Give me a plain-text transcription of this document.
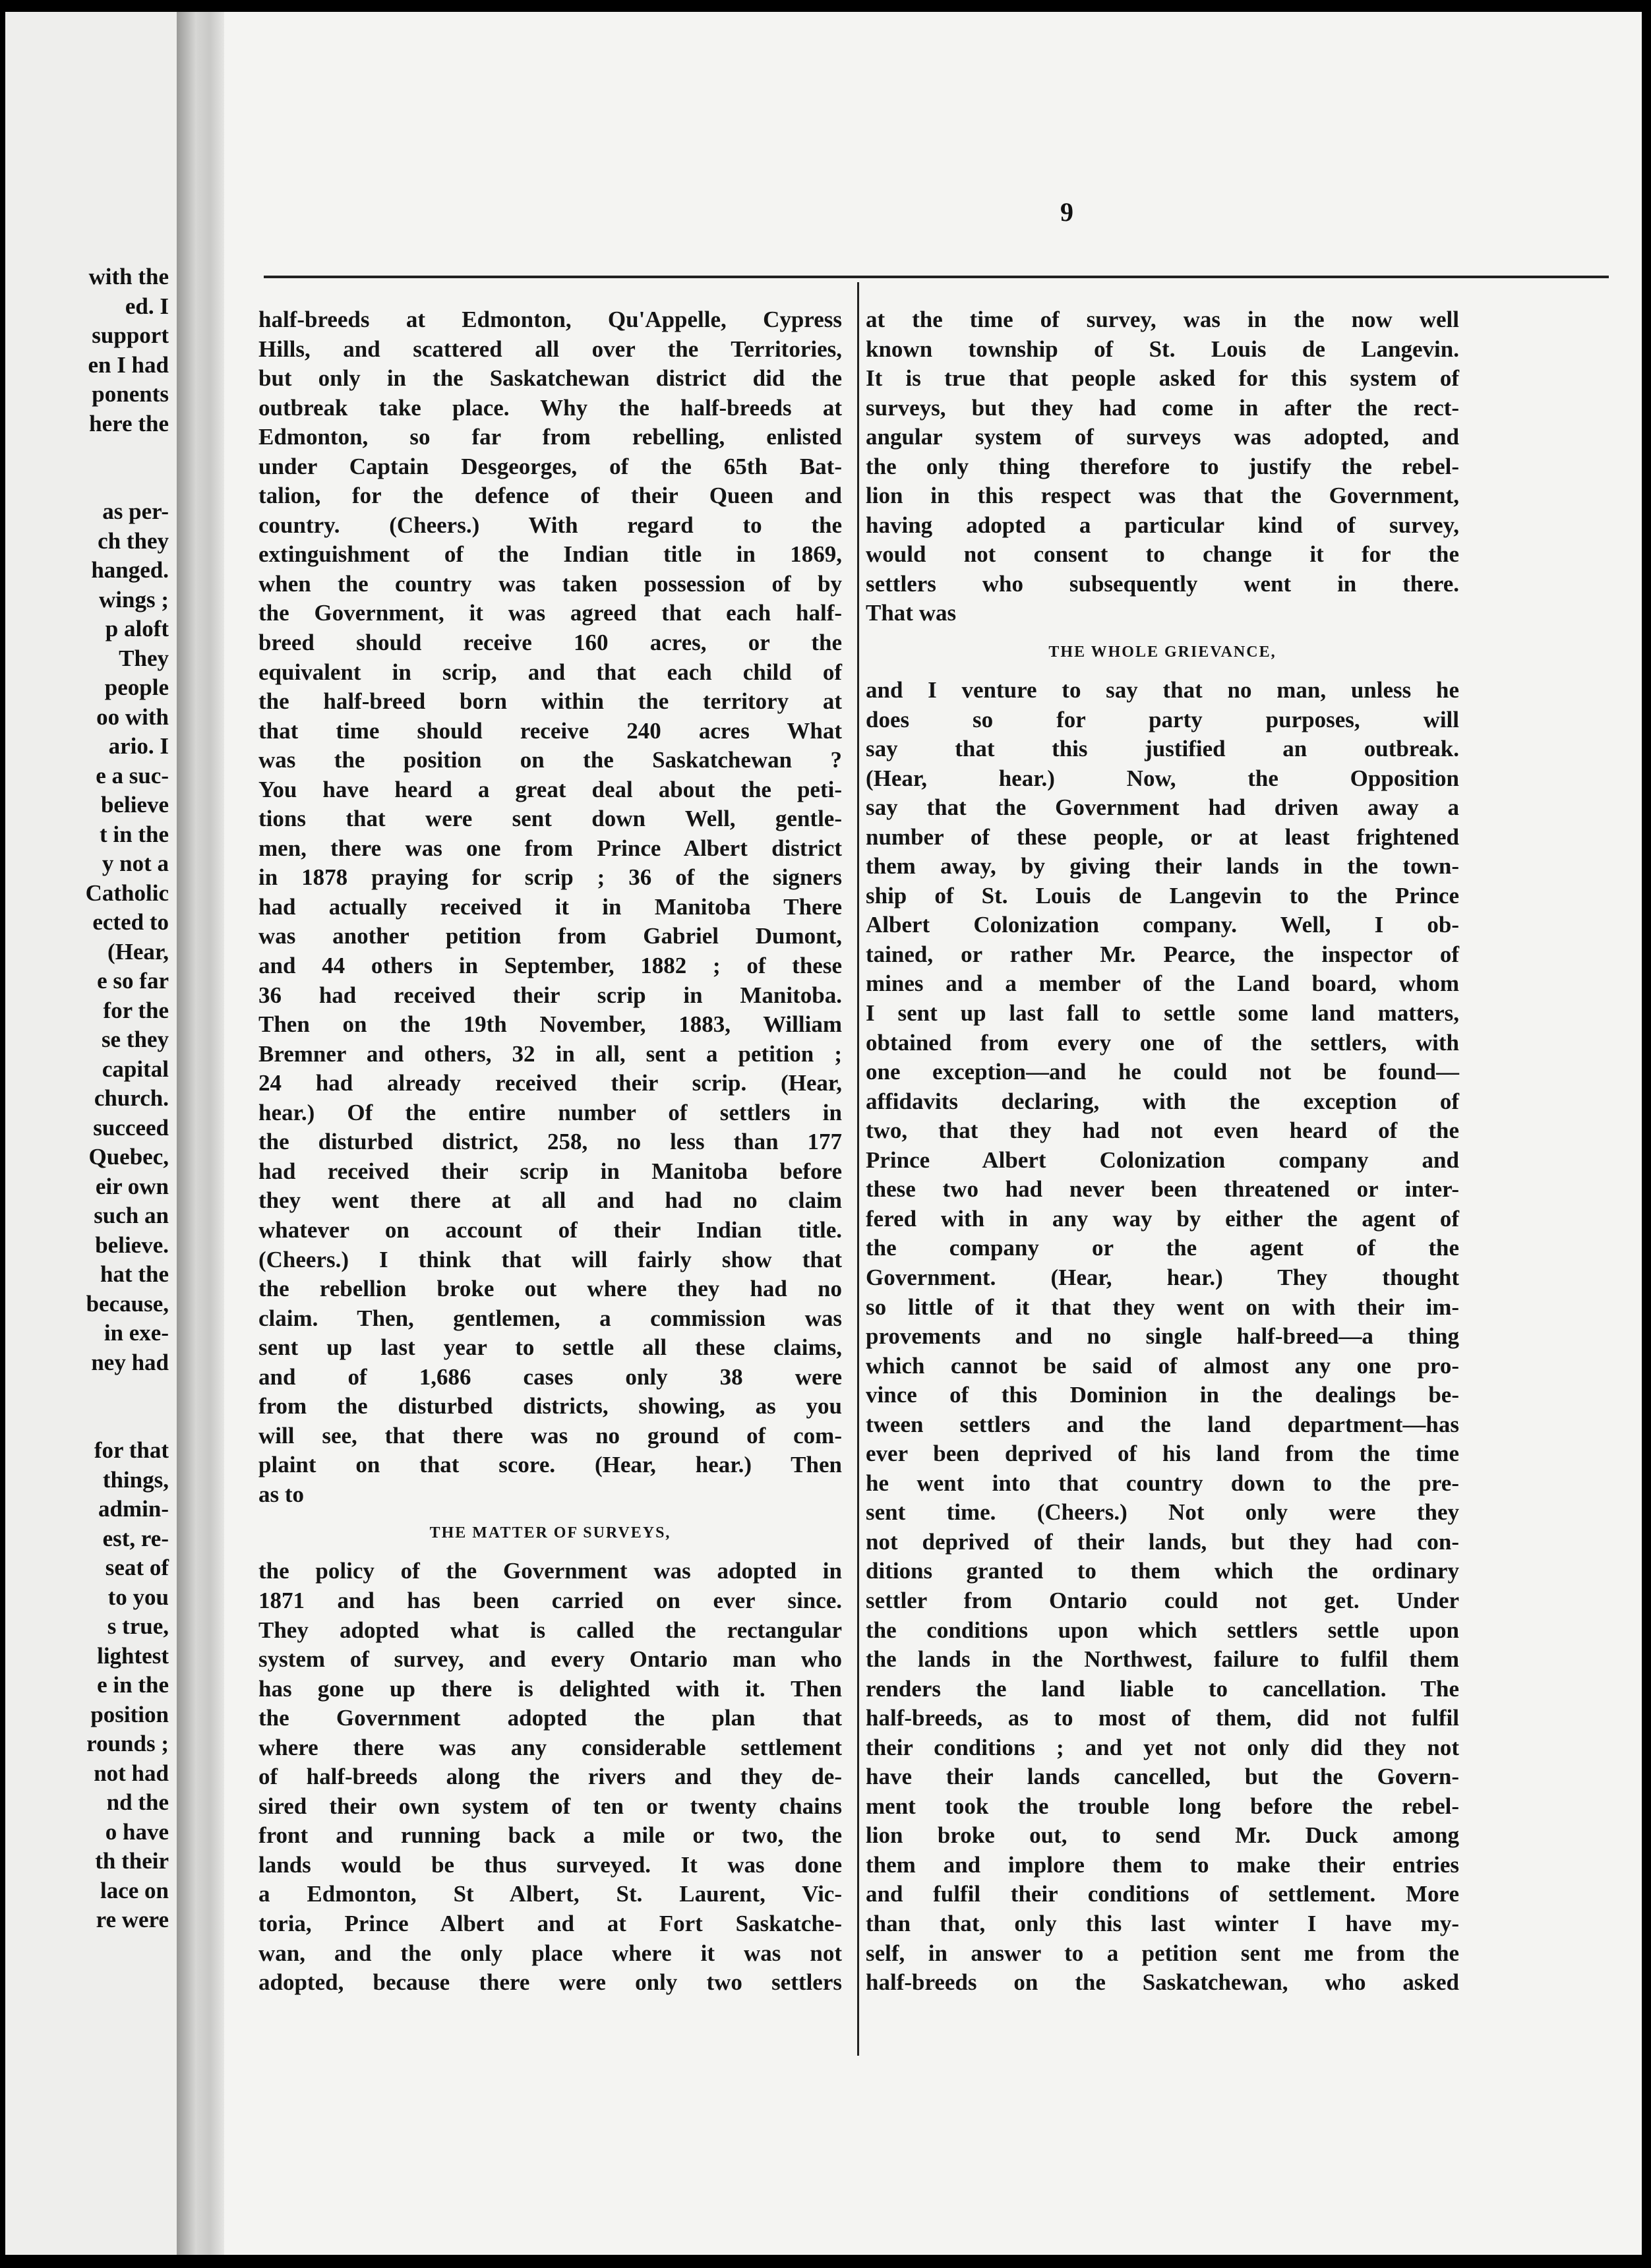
with the
ed. I
support
en I had
ponents
here the
as per-
ch they
hanged.
wings ;
p aloft
They
people
oo with
ario. I
e a suc-
believe
t in the
y not a
Catholic
ected to
(Hear,
e so far
for the
se they
capital
church.
succeed
Quebec,
eir own
such an
believe.
hat the
because,
in exe-
ney had
for that
things,
admin-
est, re-
seat of
to you
s true,
lightest
e in the
position
rounds ;
not had
nd the
o have
th their
lace on
re were
9
half-breeds at Edmonton, Qu'Appelle, Cypress
Hills, and scattered all over the Territories,
but only in the Saskatchewan district did the
outbreak take place. Why the half-breeds at
Edmonton, so far from rebelling, enlisted
under Captain Desgeorges, of the 65th Bat-
talion, for the defence of their Queen and
country. (Cheers.) With regard to the
extinguishment of the Indian title in 1869,
when the country was taken possession of by
the Government, it was agreed that each half-
breed should receive 160 acres, or the
equivalent in scrip, and that each child of
the half-breed born within the territory at
that time should receive 240 acres What
was the position on the Saskatchewan ?
You have heard a great deal about the peti-
tions that were sent down Well, gentle-
men, there was one from Prince Albert district
in 1878 praying for scrip ; 36 of the signers
had actually received it in Manitoba There
was another petition from Gabriel Dumont,
and 44 others in September, 1882 ; of these
36 had received their scrip in Manitoba.
Then on the 19th November, 1883, William
Bremner and others, 32 in all, sent a petition ;
24 had already received their scrip. (Hear,
hear.) Of the entire number of settlers in
the disturbed district, 258, no less than 177
had received their scrip in Manitoba before
they went there at all and had no claim
whatever on account of their Indian title.
(Cheers.) I think that will fairly show that
the rebellion broke out where they had no
claim. Then, gentlemen, a commission was
sent up last year to settle all these claims,
and of 1,686 cases only 38 were
from the disturbed districts, showing, as you
will see, that there was no ground of com-
plaint on that score. (Hear, hear.) Then
as to
THE MATTER OF SURVEYS,
the policy of the Government was adopted in
1871 and has been carried on ever since.
They adopted what is called the rectangular
system of survey, and every Ontario man who
has gone up there is delighted with it. Then
the Government adopted the plan that
where there was any considerable settlement
of half-breeds along the rivers and they de-
sired their own system of ten or twenty chains
front and running back a mile or two, the
lands would be thus surveyed. It was done
a Edmonton, St Albert, St. Laurent, Vic-
toria, Prince Albert and at Fort Saskatche-
wan, and the only place where it was not
adopted, because there were only two settlers
at the time of survey, was in the now well
known township of St. Louis de Langevin.
It is true that people asked for this system of
surveys, but they had come in after the rect-
angular system of surveys was adopted, and
the only thing therefore to justify the rebel-
lion in this respect was that the Government,
having adopted a particular kind of survey,
would not consent to change it for the
settlers who subsequently went in there.
That was
THE WHOLE GRIEVANCE,
and I venture to say that no man, unless he
does so for party purposes, will
say that this justified an outbreak.
(Hear, hear.) Now, the Opposition
say that the Government had driven away a
number of these people, or at least frightened
them away, by giving their lands in the town-
ship of St. Louis de Langevin to the Prince
Albert Colonization company. Well, I ob-
tained, or rather Mr. Pearce, the inspector of
mines and a member of the Land board, whom
I sent up last fall to settle some land matters,
obtained from every one of the settlers, with
one exception—and he could not be found—
affidavits declaring, with the exception of
two, that they had not even heard of the
Prince Albert Colonization company and
these two had never been threatened or inter-
fered with in any way by either the agent of
the company or the agent of the
Government. (Hear, hear.) They thought
so little of it that they went on with their im-
provements and no single half-breed—a thing
which cannot be said of almost any one pro-
vince of this Dominion in the dealings be-
tween settlers and the land department—has
ever been deprived of his land from the time
he went into that country down to the pre-
sent time. (Cheers.) Not only were they
not deprived of their lands, but they had con-
ditions granted to them which the ordinary
settler from Ontario could not get. Under
the conditions upon which settlers settle upon
the lands in the Northwest, failure to fulfil them
renders the land liable to cancellation. The
half-breeds, as to most of them, did not fulfil
their conditions ; and yet not only did they not
have their lands cancelled, but the Govern-
ment took the trouble long before the rebel-
lion broke out, to send Mr. Duck among
them and implore them to make their entries
and fulfil their conditions of settlement. More
than that, only this last winter I have my-
self, in answer to a petition sent me from the
half-breeds on the Saskatchewan, who asked
